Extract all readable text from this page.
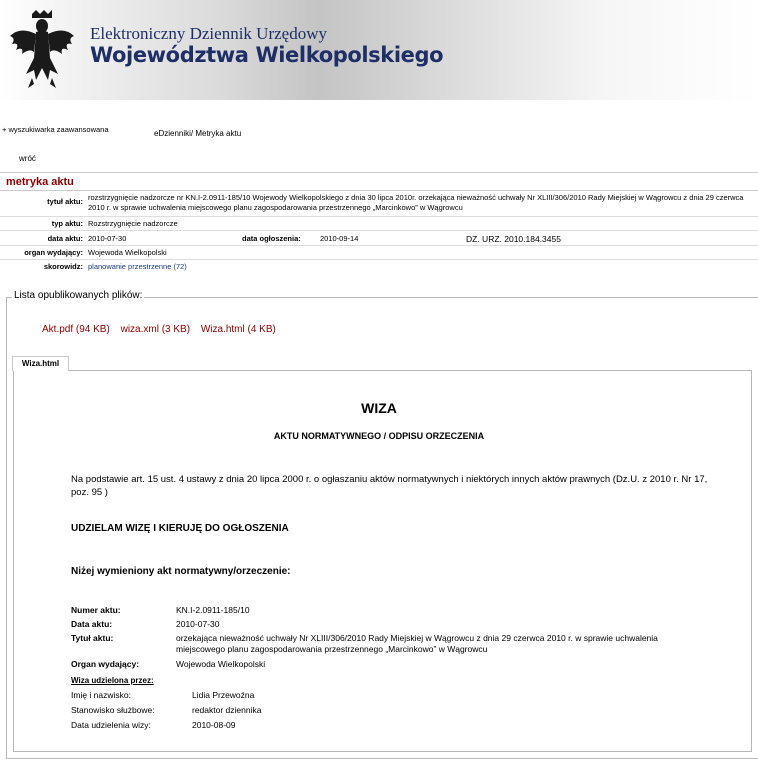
Elektroniczny Dziennik Urzędowy
Województwa Wielkopolskiego
+ wyszukiwarka zaawansowana	eDzienniki/ Metryka aktu
wróć
metryka aktu
tytuł aktu: rozstrzygnięcie nadzorcze nr KN.I-2.0911-185/10 Wojewody Wielkopolskiego z dnia 30 lipca 2010r. orzekająca nieważność uchwały Nr XLIII/306/2010 Rady Miejskiej w Wągrowcu z dnia 29 czerwca 2010 r. w sprawie uchwalenia miejscowego planu zagospodarowania przestrzennego „Marcinkowo” w Wągrowcu
typ aktu: Rozstrzygnięcie nadzorcze
data aktu: 2010-07-30	data ogłoszenia:	2010-09-14	DZ. URZ. 2010.184.3455
organ wydający: Wojewoda Wielkopolski
skorowidz: planowanie przestrzenne (72)
Lista opublikowanych plików:
Akt.pdf (94 KB) wiza.xml (3 KB) Wiza.html (4 KB)
Wiza.html
WIZA
AKTU NORMATYWNEGO / ODPISU ORZECZENIA
Na podstawie art. 15 ust. 4 ustawy z dnia 20 lipca 2000 r. o ogłaszaniu aktów normatywnych i niektórych innych aktów prawnych (Dz.U. z 2010 r. Nr 17, poz. 95 )
UDZIELAM WIZĘ I KIERUJĘ DO OGŁOSZENIA
Niżej wymieniony akt normatywny/orzeczenie:
Numer aktu:	KN.I-2.0911-185/10
Data aktu:	2010-07-30
Tytuł aktu:	orzekająca nieważność uchwały Nr XLIII/306/2010 Rady Miejskiej w Wągrowcu z dnia 29 czerwca 2010 r. w sprawie uchwalenia miejscowego planu zagospodarowania przestrzennego „Marcinkowo” w Wągrowcu
Organ wydający:	Wojewoda Wielkopolski
Wiza udzielona przez:
Imię i nazwisko:	Lidia Przewoźna
Stanowisko służbowe:	redaktor dziennika
Data udzielenia wizy:	2010-08-09
